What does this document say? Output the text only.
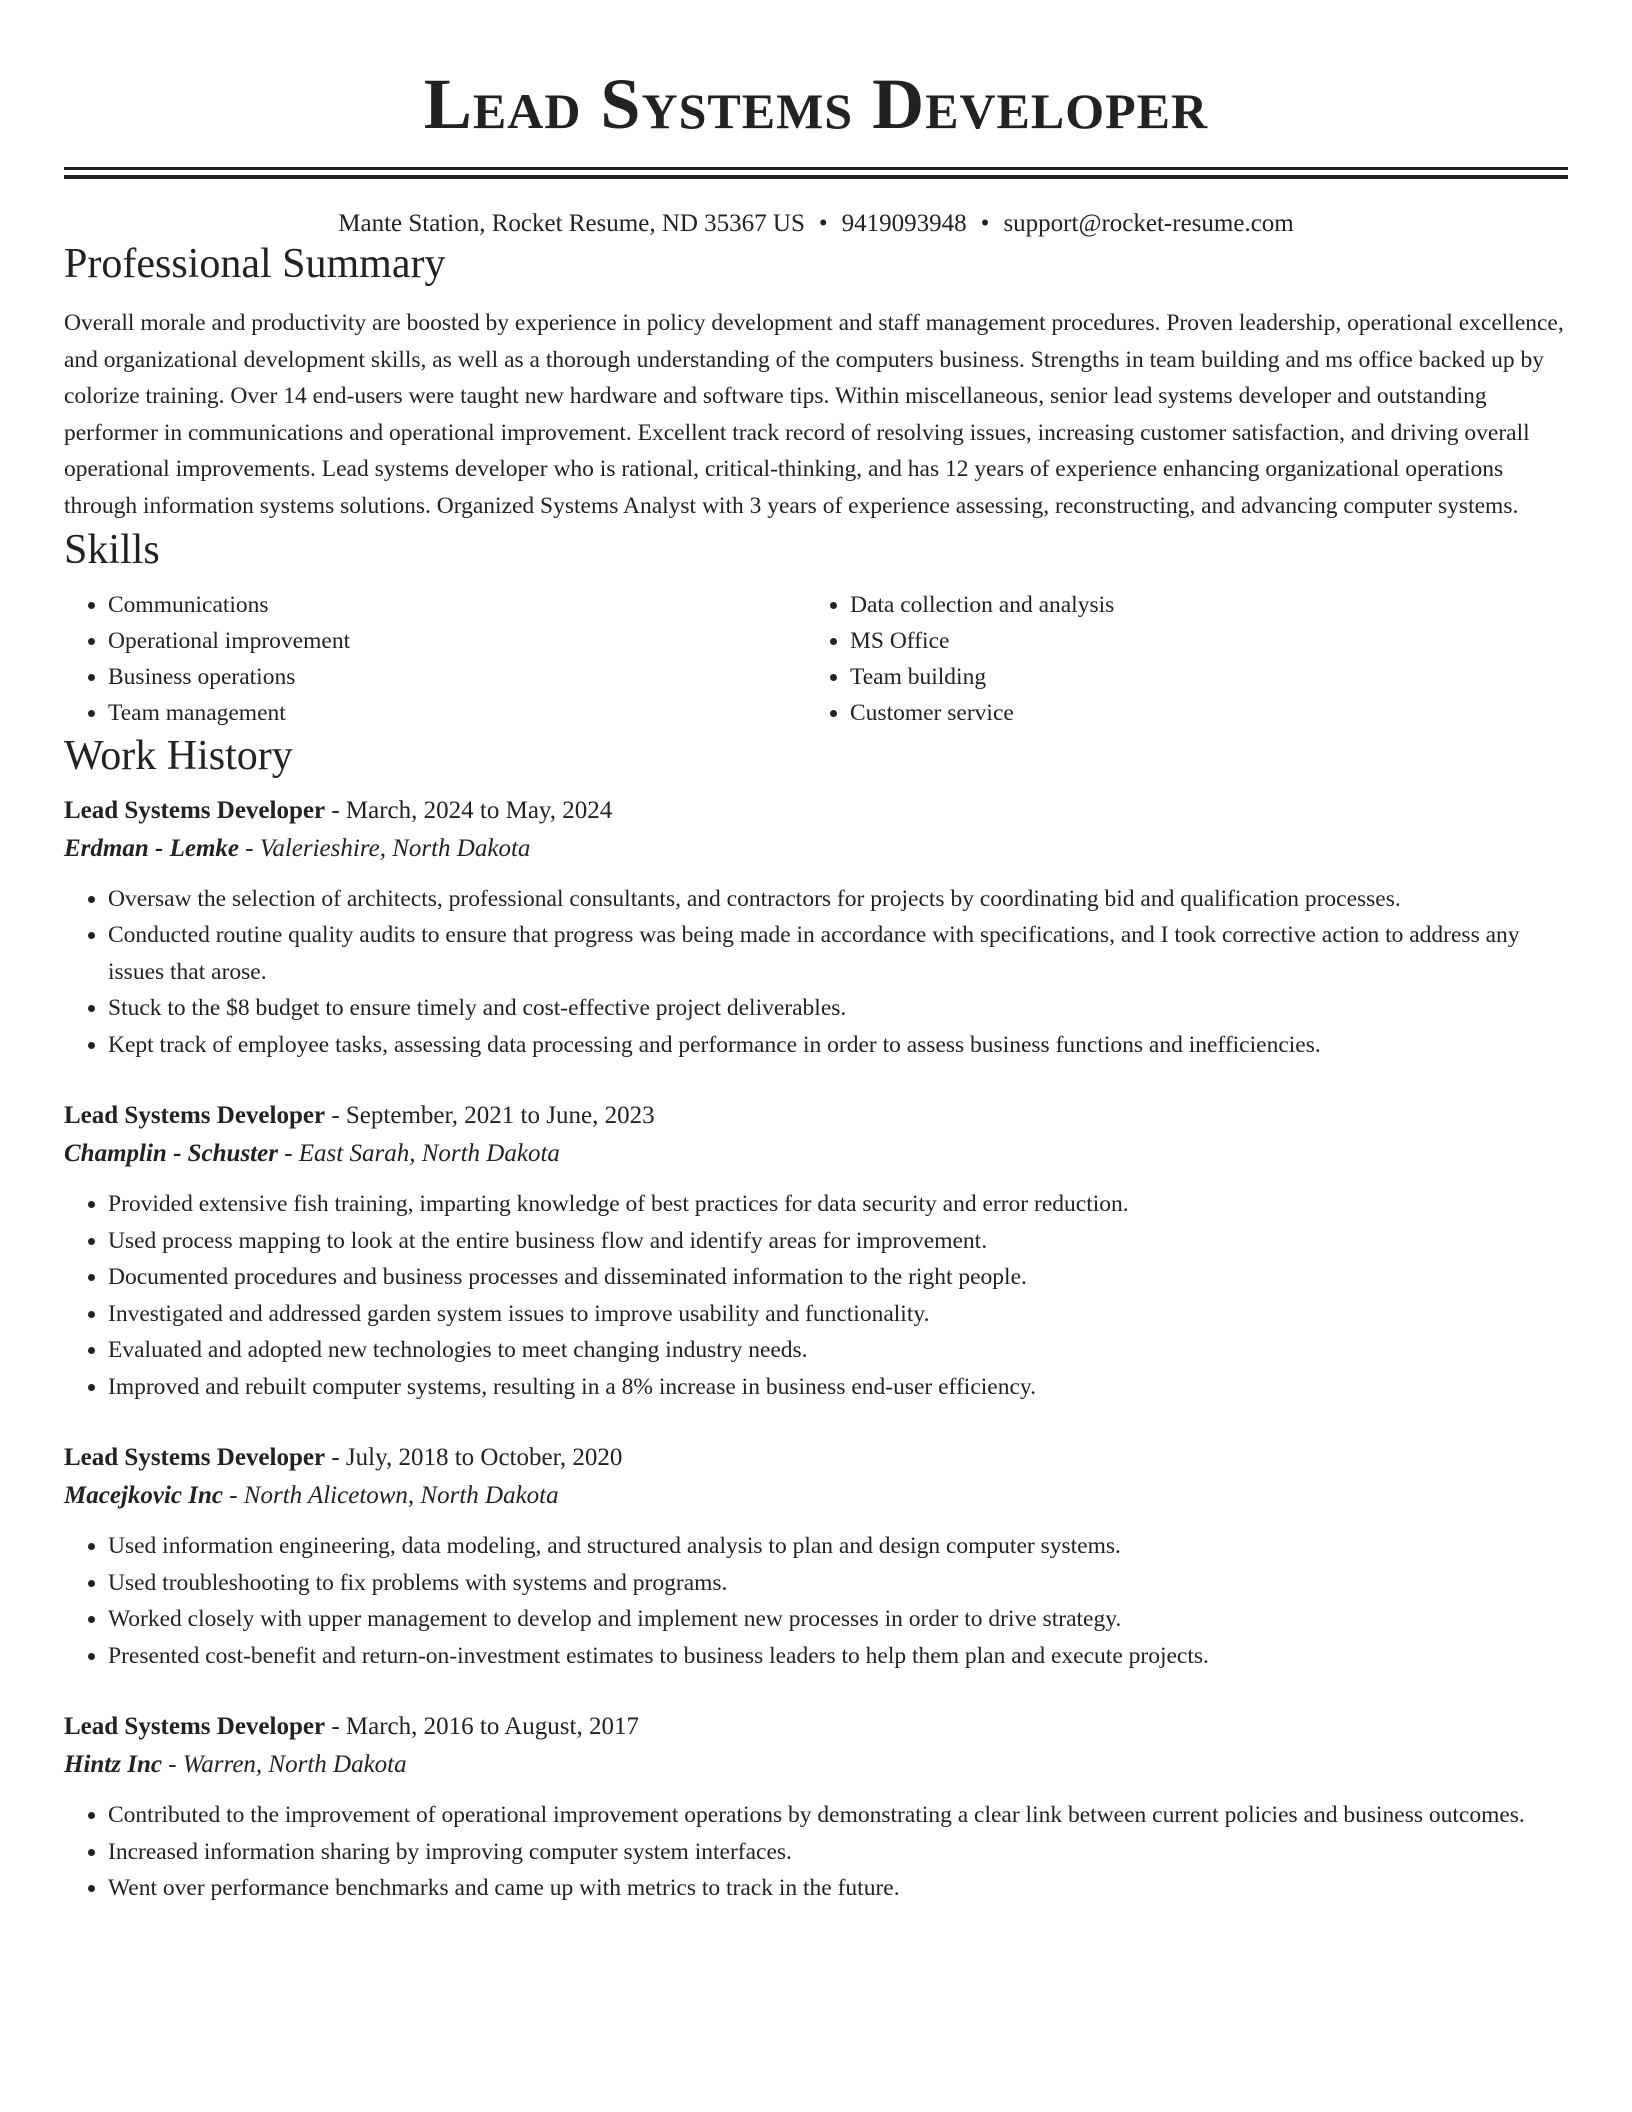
Lead Systems Developer
Mante Station, Rocket Resume, ND 35367 US • 9419093948 • support@rocket-resume.com
Professional Summary

Overall morale and productivity are boosted by experience in policy development and staff management procedures. Proven leadership, operational excellence, and organizational development skills, as well as a thorough understanding of the computers business. Strengths in team building and ms office backed up by colorize training. Over 14 end-users were taught new hardware and software tips. Within miscellaneous, senior lead systems developer and outstanding performer in communications and operational improvement. Excellent track record of resolving issues, increasing customer satisfaction, and driving overall operational improvements. Lead systems developer who is rational, critical-thinking, and has 12 years of experience enhancing organizational operations through information systems solutions. Organized Systems Analyst with 3 years of experience assessing, reconstructing, and advancing computer systems.

Skills
• Communications
• Operational improvement
• Business operations
• Team management
• Data collection and analysis
• MS Office
• Team building
• Customer service
Work History
Lead Systems Developer - March, 2024 to May, 2024
Erdman - Lemke - Valerieshire, North Dakota
• Oversaw the selection of architects, professional consultants, and contractors for projects by coordinating bid and qualification processes.
• Conducted routine quality audits to ensure that progress was being made in accordance with specifications, and I took corrective action to address any issues that arose.
• Stuck to the $8 budget to ensure timely and cost-effective project deliverables.
• Kept track of employee tasks, assessing data processing and performance in order to assess business functions and inefficiencies.
Lead Systems Developer - September, 2021 to June, 2023
Champlin - Schuster - East Sarah, North Dakota
• Provided extensive fish training, imparting knowledge of best practices for data security and error reduction.
• Used process mapping to look at the entire business flow and identify areas for improvement.
• Documented procedures and business processes and disseminated information to the right people.
• Investigated and addressed garden system issues to improve usability and functionality.
• Evaluated and adopted new technologies to meet changing industry needs.
• Improved and rebuilt computer systems, resulting in a 8% increase in business end-user efficiency.
Lead Systems Developer - July, 2018 to October, 2020
Macejkovic Inc - North Alicetown, North Dakota
• Used information engineering, data modeling, and structured analysis to plan and design computer systems.
• Used troubleshooting to fix problems with systems and programs.
• Worked closely with upper management to develop and implement new processes in order to drive strategy.
• Presented cost-benefit and return-on-investment estimates to business leaders to help them plan and execute projects.
Lead Systems Developer - March, 2016 to August, 2017
Hintz Inc - Warren, North Dakota
• Contributed to the improvement of operational improvement operations by demonstrating a clear link between current policies and business outcomes.
• Increased information sharing by improving computer system interfaces.
• Went over performance benchmarks and came up with metrics to track in the future.
